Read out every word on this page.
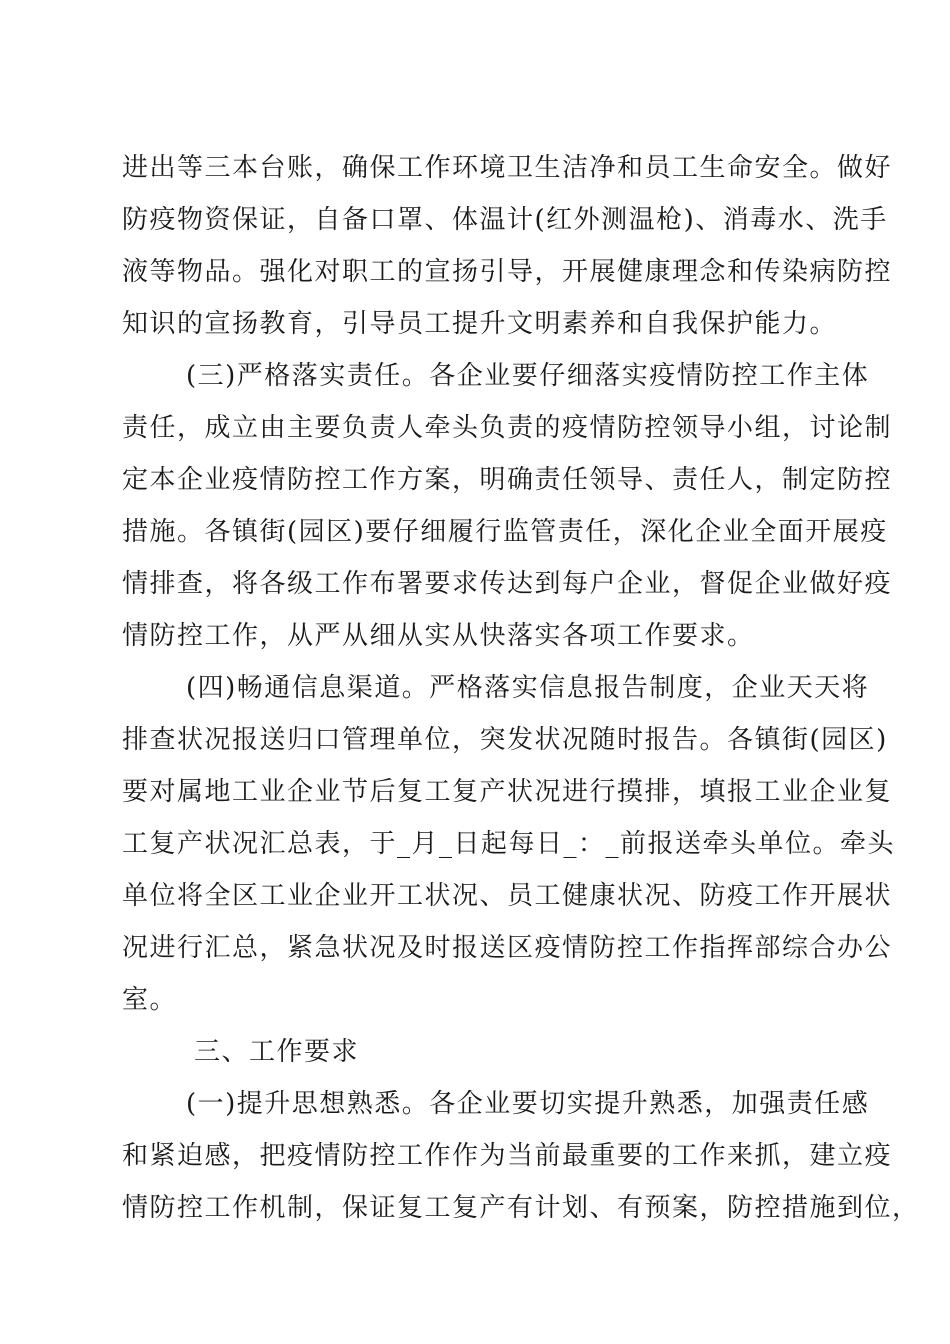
进出等三本台账，确保工作环境卫生洁净和员工生命安全。做好
防疫物资保证，自备口罩、体温计(红外测温枪)、消毒水、洗手
液等物品。强化对职工的宣扬引导，开展健康理念和传染病防控
知识的宣扬教育，引导员工提升文明素养和自我保护能力。
(三)严格落实责任。各企业要仔细落实疫情防控工作主体
责任，成立由主要负责人牵头负责的疫情防控领导小组，讨论制
定本企业疫情防控工作方案，明确责任领导、责任人，制定防控
措施。各镇街(园区)要仔细履行监管责任，深化企业全面开展疫
情排查，将各级工作布署要求传达到每户企业，督促企业做好疫
情防控工作，从严从细从实从快落实各项工作要求。
(四)畅通信息渠道。严格落实信息报告制度，企业天天将
排查状况报送归口管理单位，突发状况随时报告。各镇街(园区)
要对属地工业企业节后复工复产状况进行摸排，填报工业企业复
工复产状况汇总表，于_月_日起每日_：_前报送牵头单位。牵头
单位将全区工业企业开工状况、员工健康状况、防疫工作开展状
况进行汇总，紧急状况及时报送区疫情防控工作指挥部综合办公
室。
三、工作要求
(一)提升思想熟悉。各企业要切实提升熟悉，加强责任感
和紧迫感，把疫情防控工作作为当前最重要的工作来抓，建立疫
情防控工作机制，保证复工复产有计划、有预案，防控措施到位，
